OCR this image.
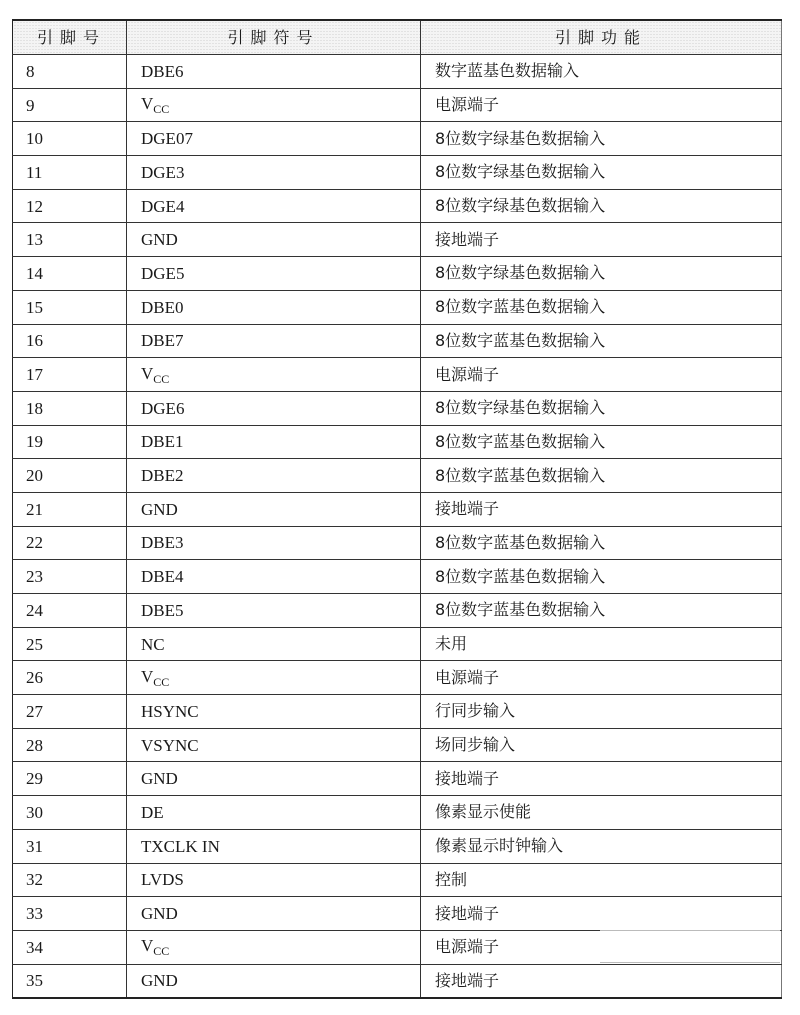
引脚号	引脚符号	引脚功能
8	DBE6	数字蓝基色数据输入
9	$V_{CC}$	电源端子
10	DGE07	8位数字绿基色数据输入
11	DGE3	8位数字绿基色数据输入
12	DGE4	8位数字绿基色数据输入
13	GND	接地端子
14	DGE5	8位数字绿基色数据输入
15	DBE0	8位数字蓝基色数据输入
16	DBE7	8位数字蓝基色数据输入
17	$V_{CC}$	电源端子
18	DGE6	8位数字绿基色数据输入
19	DBE1	8位数字蓝基色数据输入
20	DBE2	8位数字蓝基色数据输入
21	GND	接地端子
22	DBE3	8位数字蓝基色数据输入
23	DBE4	8位数字蓝基色数据输入
24	DBE5	8位数字蓝基色数据输入
25	NC	未用
26	$V_{CC}$	电源端子
27	HSYNC	行同步输入
28	VSYNC	场同步输入
29	GND	接地端子
30	DE	像素显示使能
31	TXCLK IN	像素显示时钟输入
32	LVDS	控制
33	GND	接地端子
34	$V_{CC}$	电源端子
35	GND	接地端子
